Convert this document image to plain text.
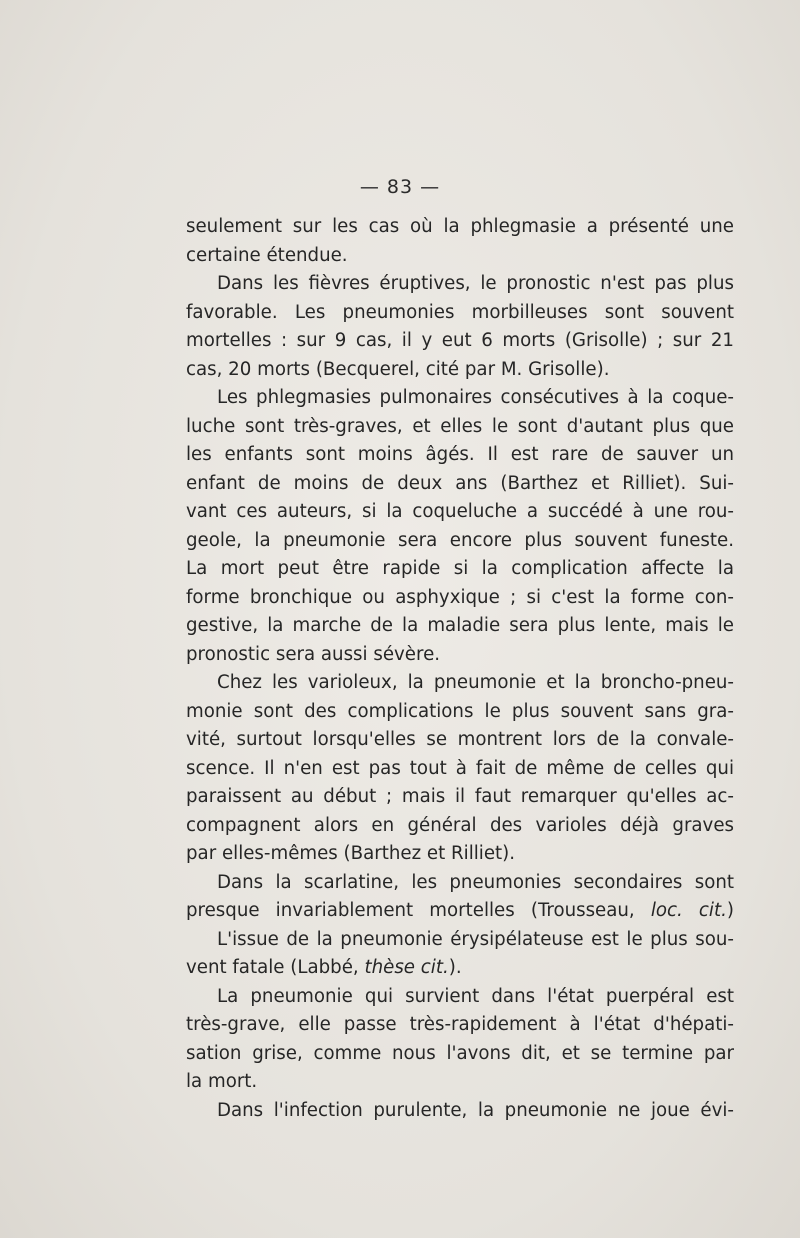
— 83 —
seulement sur les cas où la phlegmasie a présenté une
certaine étendue.
Dans les fièvres éruptives, le pronostic n'est pas plus
favorable. Les pneumonies morbilleuses sont souvent
mortelles : sur 9 cas, il y eut 6 morts (Grisolle) ; sur 21
cas, 20 morts (Becquerel, cité par M. Grisolle).
Les phlegmasies pulmonaires consécutives à la coque-
luche sont très-graves, et elles le sont d'autant plus que
les enfants sont moins âgés. Il est rare de sauver un
enfant de moins de deux ans (Barthez et Rilliet). Sui-
vant ces auteurs, si la coqueluche a succédé à une rou-
geole, la pneumonie sera encore plus souvent funeste.
La mort peut être rapide si la complication affecte la
forme bronchique ou asphyxique ; si c'est la forme con-
gestive, la marche de la maladie sera plus lente, mais le
pronostic sera aussi sévère.
Chez les varioleux, la pneumonie et la broncho-pneu-
monie sont des complications le plus souvent sans gra-
vité, surtout lorsqu'elles se montrent lors de la convale-
scence. Il n'en est pas tout à fait de même de celles qui
paraissent au début ; mais il faut remarquer qu'elles ac-
compagnent alors en général des varioles déjà graves
par elles-mêmes (Barthez et Rilliet).
Dans la scarlatine, les pneumonies secondaires sont
presque invariablement mortelles (Trousseau, loc. cit.)
L'issue de la pneumonie érysipélateuse est le plus sou-
vent fatale (Labbé, thèse cit.).
La pneumonie qui survient dans l'état puerpéral est
très-grave, elle passe très-rapidement à l'état d'hépati-
sation grise, comme nous l'avons dit, et se termine par
la mort.
Dans l'infection purulente, la pneumonie ne joue évi-
